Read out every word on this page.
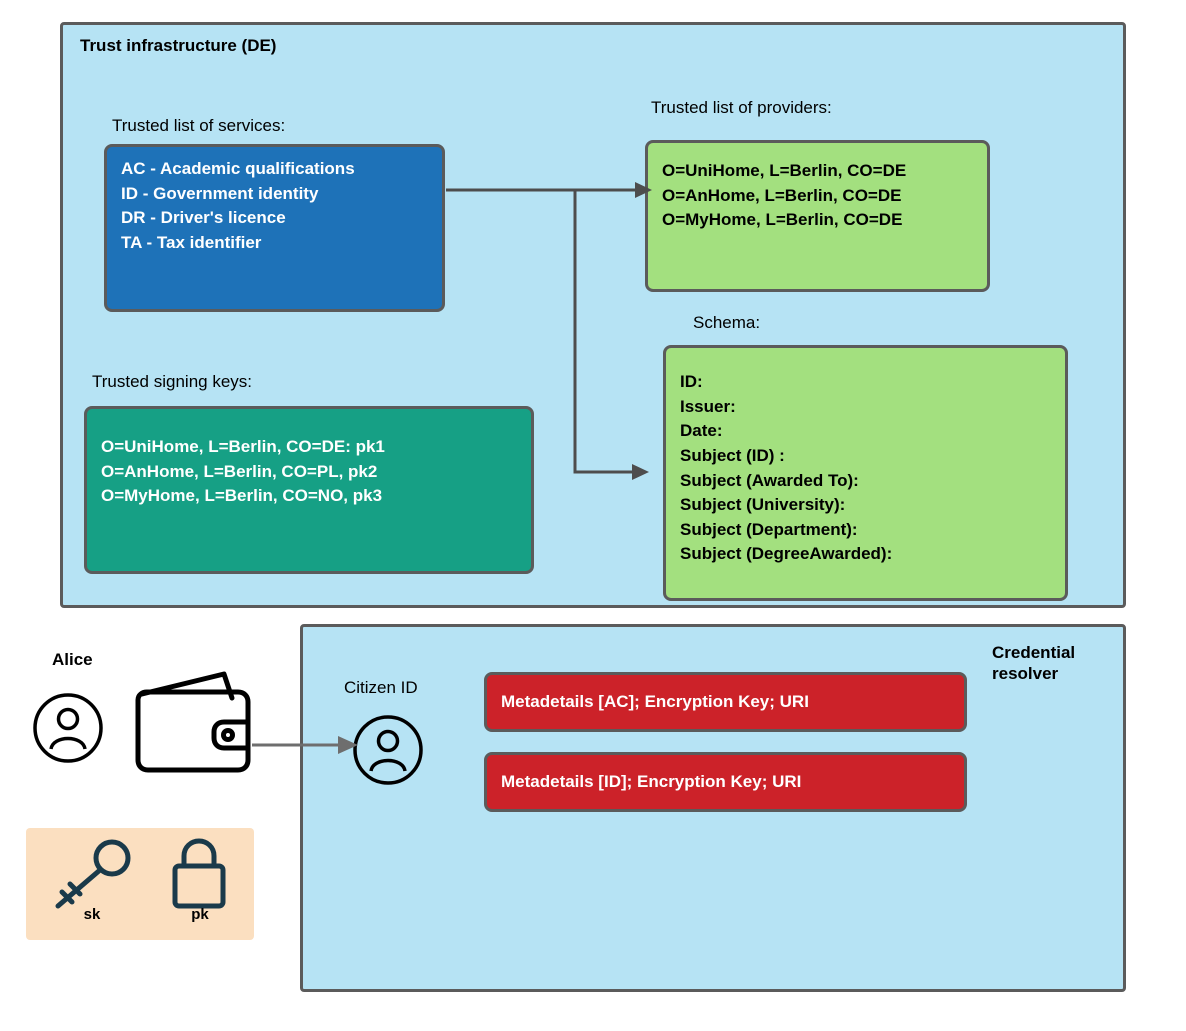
Trust infrastructure (DE)
Trusted list of services:
AC - Academic qualifications
ID - Government identity
DR - Driver's licence
TA - Tax identifier
Trusted signing keys:
O=UniHome, L=Berlin, CO=DE: pk1
O=AnHome, L=Berlin, CO=PL, pk2
O=MyHome, L=Berlin, CO=NO, pk3
Trusted list of providers:
O=UniHome, L=Berlin, CO=DE
O=AnHome, L=Berlin, CO=DE
O=MyHome, L=Berlin, CO=DE
Schema:
ID:
Issuer:
Date:
Subject (ID) :
Subject (Awarded To):
Subject (University):
Subject (Department):
Subject (DegreeAwarded):
Credential resolver
Citizen ID
Metadetails [AC]; Encryption Key; URI
Metadetails [ID]; Encryption Key; URI
Alice
sk	pk
